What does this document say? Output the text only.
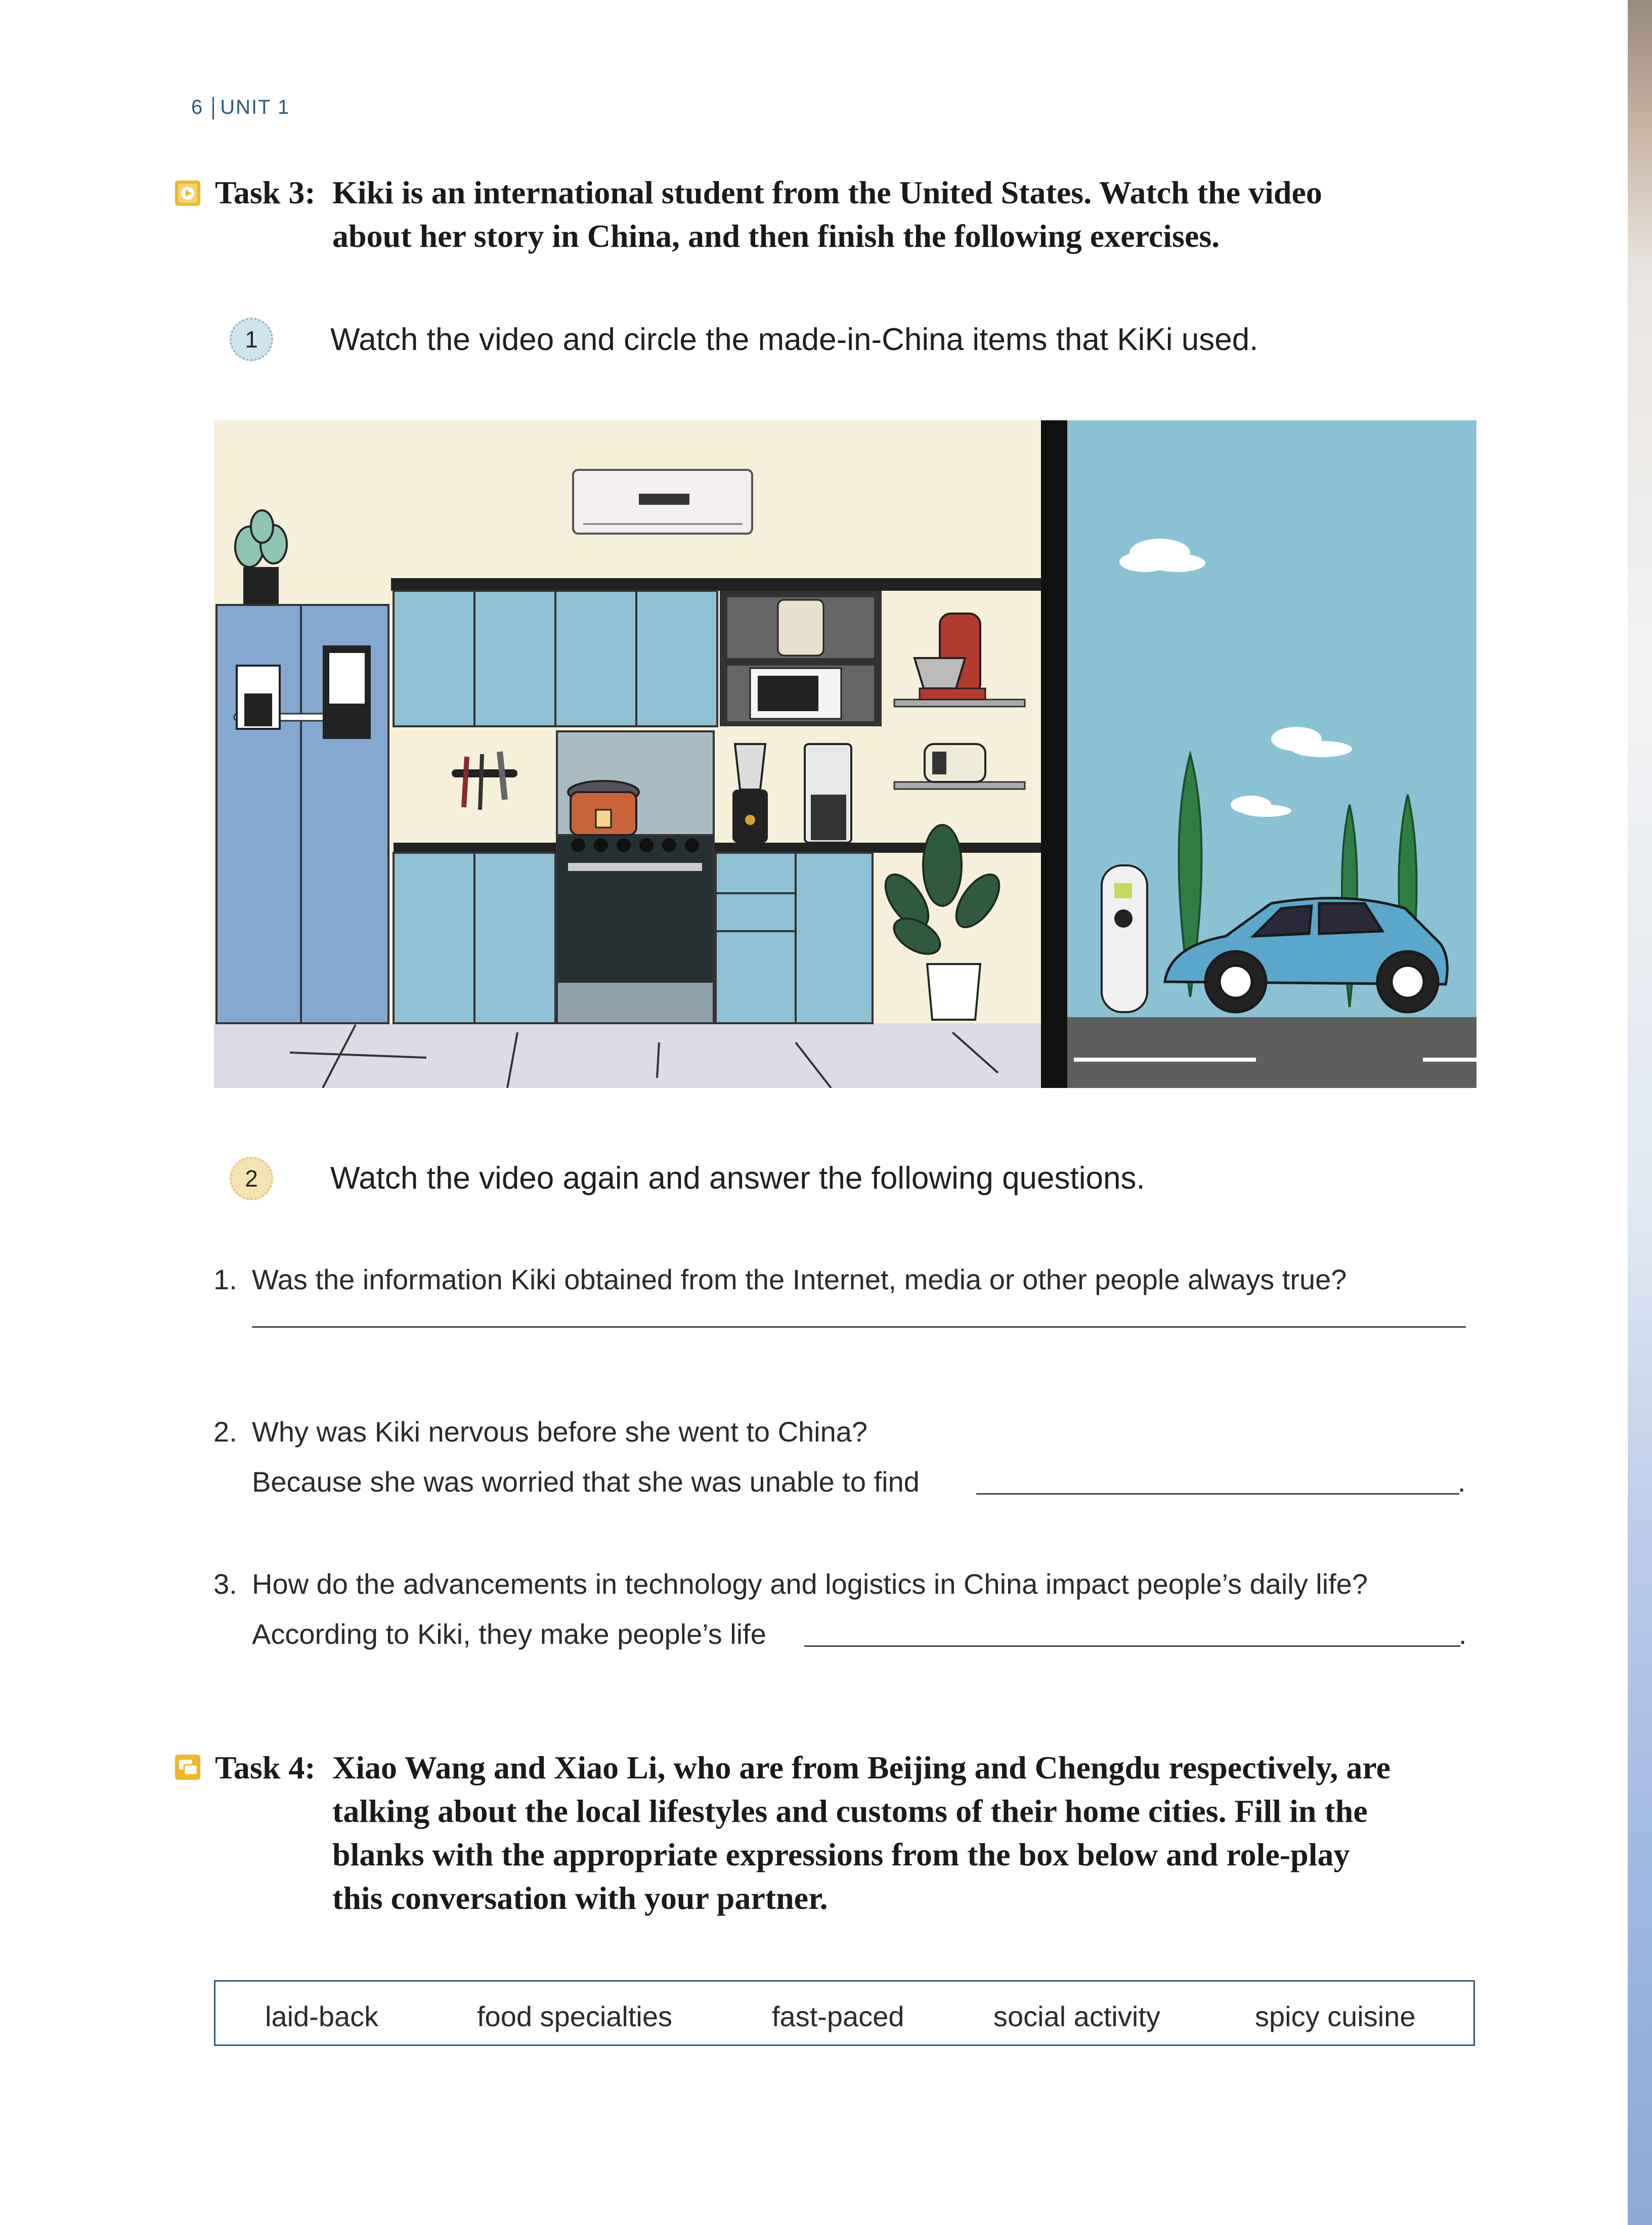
6 UNIT 1
Task 3: Kiki is an international student from the United States. Watch the video
about her story in China, and then finish the following exercises.
1	Watch the video and circle the made-in-China items that KiKi used.
2	Watch the video again and answer the following questions.
1. Was the information Kiki obtained from the Internet, media or other people always true?
2. Why was Kiki nervous before she went to China?
Because she was worried that she was unable to find	.
3. How do the advancements in technology and logistics in China impact people’s daily life?
According to Kiki, they make people’s life	.
Task 4: Xiao Wang and Xiao Li, who are from Beijing and Chengdu respectively, are
talking about the local lifestyles and customs of their home cities. Fill in the
blanks with the appropriate expressions from the box below and role-play
this conversation with your partner.
laid-back	food specialties	fast-paced	social activity	spicy cuisine
